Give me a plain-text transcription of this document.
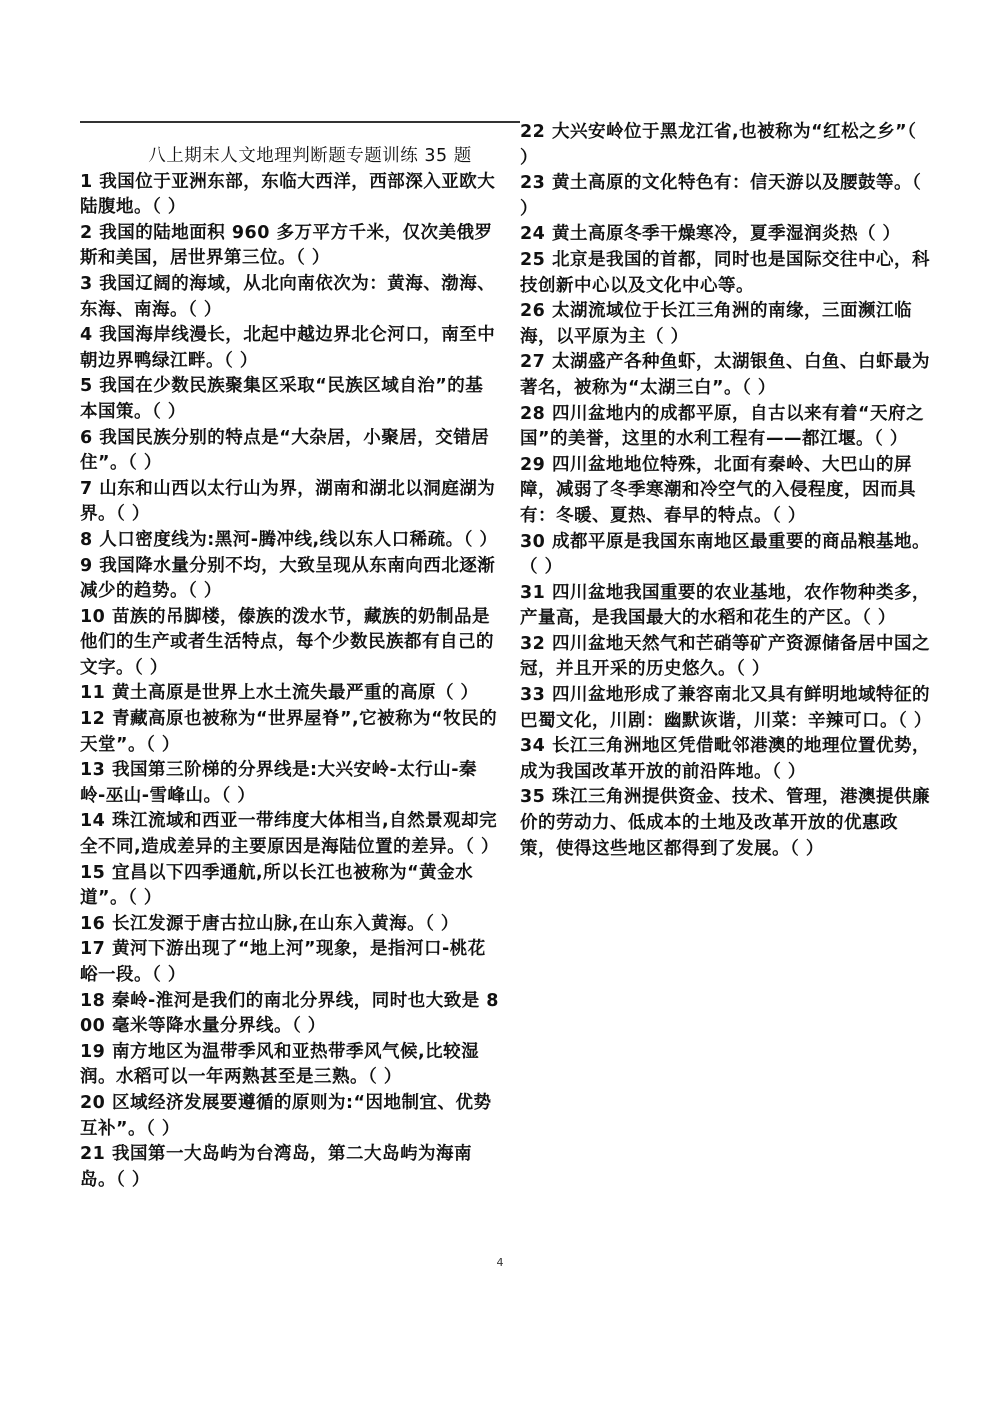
八上期末人文地理判断题专题训练 35 题

1 我国位于亚洲东部，东临大西洋，西部深入亚欧大陆腹地。（ ）

2 我国的陆地面积 960 多万平方千米，仅次美俄罗斯和美国，居世界第三位。（ ）

3 我国辽阔的海域，从北向南依次为：黄海、渤海、东海、南海。（ ）

4 我国海岸线漫长，北起中越边界北仑河口，南至中朝边界鸭绿江畔。（ ）

5 我国在少数民族聚集区采取“民族区域自治”的基本国策。（ ）

6 我国民族分别的特点是“大杂居，小聚居，交错居住”。（ ）

7 山东和山西以太行山为界，湖南和湖北以洞庭湖为界。（ ）

8 人口密度线为:黑河-腾冲线,线以东人口稀疏。（ ）

9 我国降水量分别不均，大致呈现从东南向西北逐渐减少的趋势。（ ）

10 苗族的吊脚楼，傣族的泼水节，藏族的奶制品是他们的生产或者生活特点，每个少数民族都有自己的文字。（ ）

11 黄土高原是世界上水土流失最严重的高原（ ）

12 青藏高原也被称为“世界屋脊”,它被称为“牧民的天堂”。（ ）

13 我国第三阶梯的分界线是:大兴安岭-太行山-秦岭-巫山-雪峰山。（ ）

14 珠江流域和西亚一带纬度大体相当,自然景观却完全不同,造成差异的主要原因是海陆位置的差异。（ ）

15 宜昌以下四季通航,所以长江也被称为“黄金水道”。（ ）

16 长江发源于唐古拉山脉,在山东入黄海。（ ）

17 黄河下游出现了“地上河”现象，是指河口-桃花峪一段。（ ）

18 秦岭-淮河是我们的南北分界线，同时也大致是 800 毫米等降水量分界线。（ ）

19 南方地区为温带季风和亚热带季风气候,比较湿润。水稻可以一年两熟甚至是三熟。（ ）

20 区域经济发展要遵循的原则为:“因地制宜、优势互补”。（ ）

21 我国第一大岛屿为台湾岛，第二大岛屿为海南岛。（ ）

22 大兴安岭位于黑龙江省,也被称为“红松之乡”（ ）

23 黄土高原的文化特色有：信天游以及腰鼓等。（ ）

24 黄土高原冬季干燥寒冷，夏季湿润炎热（ ）

25 北京是我国的首都，同时也是国际交往中心，科技创新中心以及文化中心等。

26 太湖流域位于长江三角洲的南缘，三面濒江临海，以平原为主（ ）

27 太湖盛产各种鱼虾，太湖银鱼、白鱼、白虾最为著名，被称为“太湖三白”。（ ）

28 四川盆地内的成都平原，自古以来有着“天府之国”的美誉，这里的水利工程有——都江堰。（ ）

29 四川盆地地位特殊，北面有秦岭、大巴山的屏障，减弱了冬季寒潮和冷空气的入侵程度，因而具有：冬暖、夏热、春早的特点。（ ）

30 成都平原是我国东南地区最重要的商品粮基地。（ ）

31 四川盆地我国重要的农业基地，农作物种类多，产量高，是我国最大的水稻和花生的产区。（ ）

32 四川盆地天然气和芒硝等矿产资源储备居中国之冠，并且开采的历史悠久。（ ）

33 四川盆地形成了兼容南北又具有鲜明地域特征的巴蜀文化，川剧：幽默诙谐，川菜：辛辣可口。（ ）

34 长江三角洲地区凭借毗邻港澳的地理位置优势，成为我国改革开放的前沿阵地。（ ）

35 珠江三角洲提供资金、技术、管理，港澳提供廉价的劳动力、低成本的土地及改革开放的优惠政策，使得这些地区都得到了发展。（ ）

4
